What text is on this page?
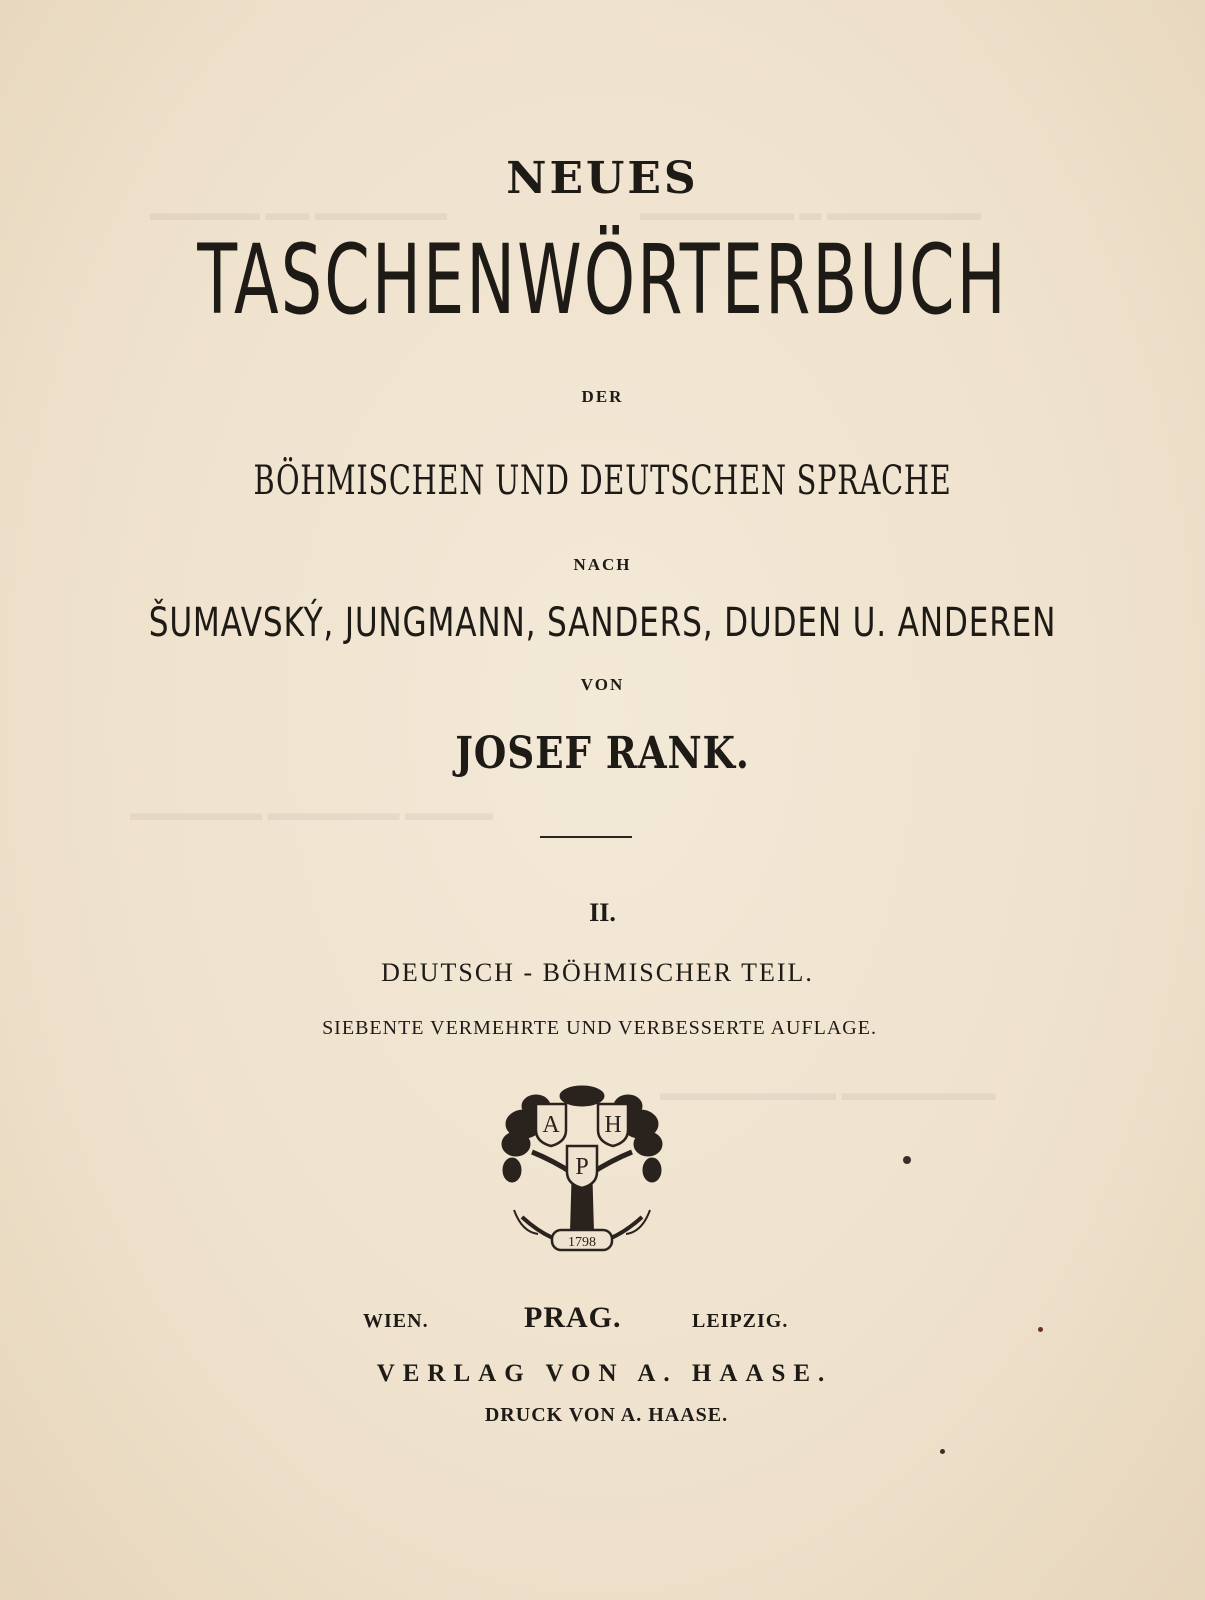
▬▬▬▬▬▬ ▬▬ ▬▬▬▬▬	▬▬▬▬▬▬▬ ▬ ▬▬▬▬▬▬▬
▬▬▬▬ ▬▬▬▬▬▬ ▬▬▬▬▬▬
▬▬▬▬▬▬▬ ▬▬▬▬▬▬▬▬
NEUES
TASCHENWÖRTERBUCH
DER
BÖHMISCHEN UND DEUTSCHEN SPRACHE
NACH
ŠUMAVSKÝ, JUNGMANN, SANDERS, DUDEN U. ANDEREN
VON
JOSEF RANK.
II.
DEUTSCH - BÖHMISCHER TEIL.
SIEBENTE VERMEHRTE UND VERBESSERTE AUFLAGE.
A H
P
1798
WIEN.	PRAG.	LEIPZIG.
VERLAG VON A. HAASE.
DRUCK VON A. HAASE.
